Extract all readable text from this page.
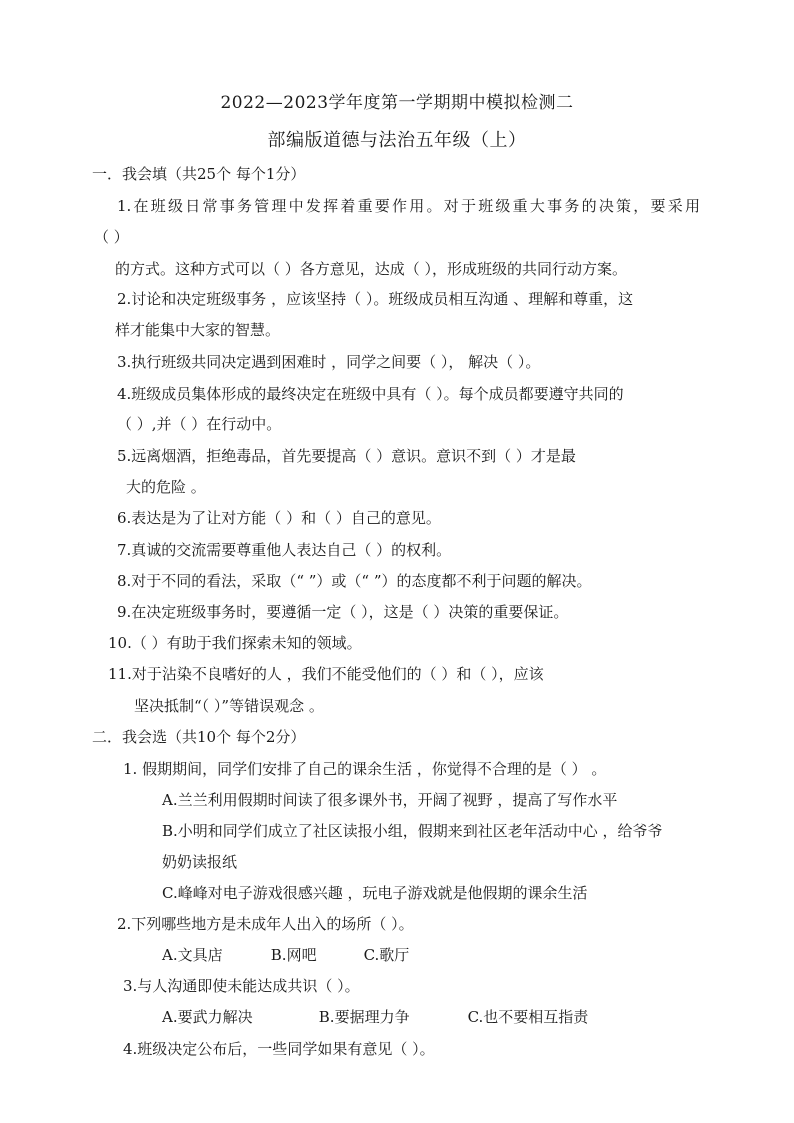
2022—2023学年度第一学期期中模拟检测二
部编版道德与法治五年级（上）
一．我会填（共25个 每个1分）
1.在班级日常事务管理中发挥着重要作用。对于班级重大事务的决策，要采用
（ ）
的方式。这种方式可以（ ）各方意见，达成（ ），形成班级的共同行动方案。
2.讨论和决定班级事务 ，应该坚持（ ）。班级成员相互沟通 、理解和尊重，这
样才能集中大家的智慧。
3.执行班级共同决定遇到困难时 ，同学之间要（ ）， 解决（ ）。
4.班级成员集体形成的最终决定在班级中具有（ ）。每个成员都要遵守共同的
（ ）,并（ ）在行动中。
5.远离烟酒，拒绝毒品，首先要提高（ ）意识。意识不到（ ）才是最
大的危险 。
6.表达是为了让对方能（ ）和（ ）自己的意见。
7.真诚的交流需要尊重他人表达自己（ ）的权利。
8.对于不同的看法，采取（“ ”）或（“ ”）的态度都不利于问题的解决。
9.在决定班级事务时，要遵循一定（ ），这是（ ）决策的重要保证。
10.（ ）有助于我们探索未知的领域。
11.对于沾染不良嗜好的人 ，我们不能受他们的（ ）和（ ），应该
坚决抵制“（ ）”等错误观念 。
二．我会选（共10个 每个2分）
1. 假期期间，同学们安排了自己的课余生活 ，你觉得不合理的是（ ） 。
A.兰兰利用假期时间读了很多课外书，开阔了视野 ，提高了写作水平
B.小明和同学们成立了社区读报小组，假期来到社区老年活动中心 ，给爷爷
奶奶读报纸
C.峰峰对电子游戏很感兴趣 ，玩电子游戏就是他假期的课余生活
2.下列哪些地方是未成年人出入的场所（ ）。
A.文具店	B.网吧	C.歌厅
3.与人沟通即使未能达成共识（ ）。
A.要武力解决	B.要据理力争	C.也不要相互指责
4.班级决定公布后，一些同学如果有意见（ ）。
